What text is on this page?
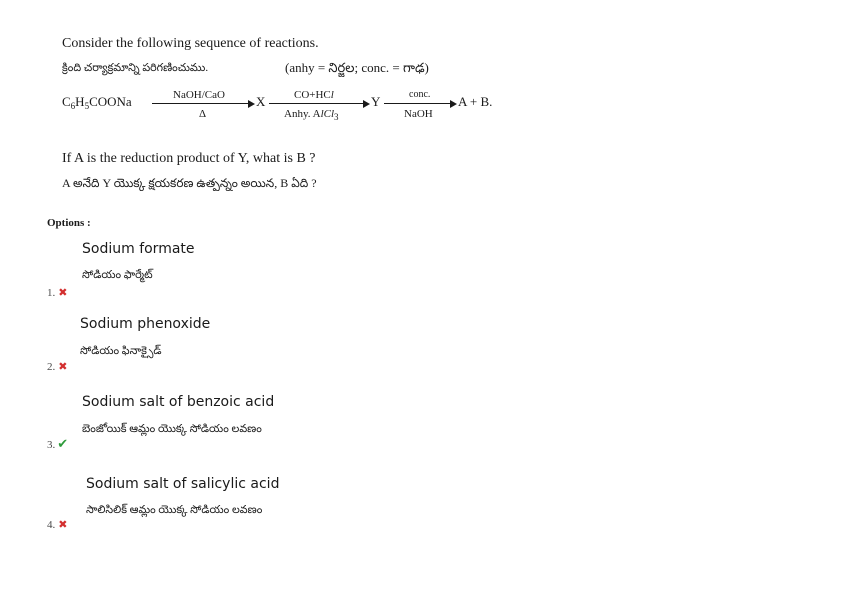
Consider the following sequence of reactions.
క్రింది చర్యాక్రమాన్ని పరిగణించుము.	(anhy = నిర్జల; conc. = గాఢ)
$C_6H_5COONa$	NaOH/CaO
Δ
X	CO+HCl
Anhy. AlCl$_3$
Y	conc.
NaOH
A + B.
If A is the reduction product of Y, what is B ?
A అనేది Y యొక్క క్షయకరణ ఉత్పన్నం అయిన, B ఏది ?
Options :
Sodium formate
సోడియం ఫార్మేట్
1. ✖
Sodium phenoxide
సోడియం ఫినాక్సైడ్
2. ✖
Sodium salt of benzoic acid
బెంజోయిక్ ఆమ్లం యొక్క సోడియం లవణం
3. ✔
Sodium salt of salicylic acid
సాలిసిలిక్ ఆమ్లం యొక్క సోడియం లవణం
4. ✖
